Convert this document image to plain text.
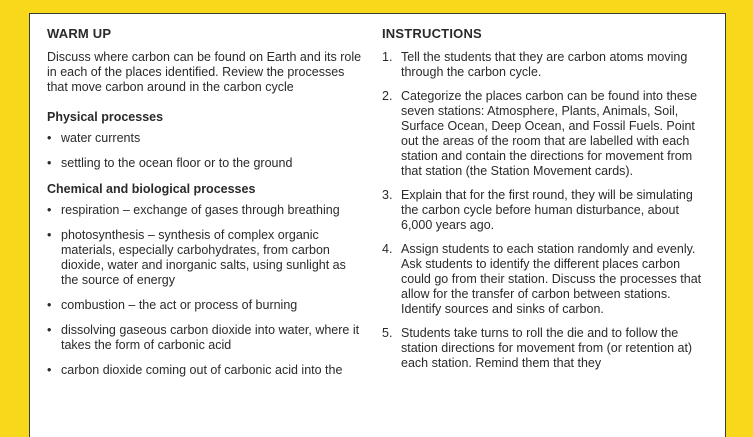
WARM UP

Discuss where carbon can be found on Earth and its role in each of the places identified. Review the processes that move carbon around in the carbon cycle

Physical processes
• water currents
• settling to the ocean floor or to the ground
Chemical and biological processes
• respiration – exchange of gases through breathing
• photosynthesis – synthesis of complex organic materials, especially carbohydrates, from carbon dioxide, water and inorganic salts, using sunlight as the source of energy
• combustion – the act or process of burning
• dissolving gaseous carbon dioxide into water, where it takes the form of carbonic acid
• carbon dioxide coming out of carbonic acid into the
INSTRUCTIONS
1. Tell the students that they are carbon atoms moving through the carbon cycle.
2. Categorize the places carbon can be found into these seven stations: Atmosphere, Plants, Animals, Soil, Surface Ocean, Deep Ocean, and Fossil Fuels. Point out the areas of the room that are labelled with each station and contain the directions for movement from that station (the Station Movement cards).
3. Explain that for the first round, they will be simulating the carbon cycle before human disturbance, about 6,000 years ago.
4. Assign students to each station randomly and evenly. Ask students to identify the different places carbon could go from their station. Discuss the processes that allow for the transfer of carbon between stations. Identify sources and sinks of carbon.
5. Students take turns to roll the die and to follow the station directions for movement from (or retention at) each station. Remind them that they
